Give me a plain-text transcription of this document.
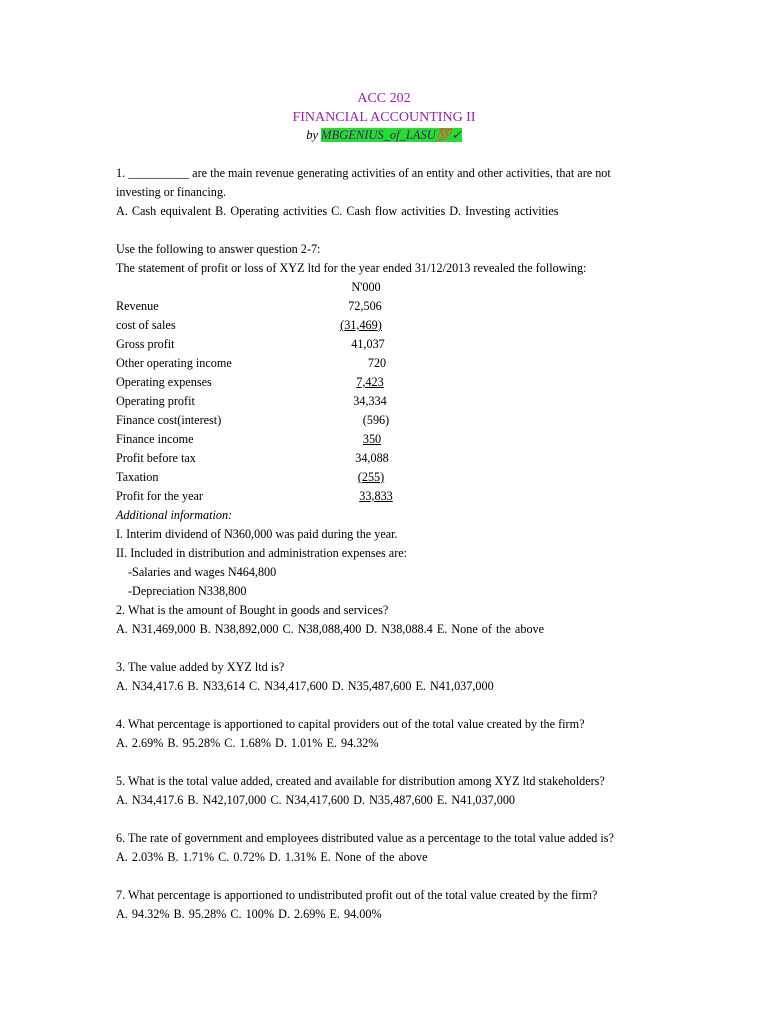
ACC 202
FINANCIAL ACCOUNTING II
by MBGENIUS_of_LASU💯✓
1. __________ are the main revenue generating activities of an entity and other activities, that are not
investing or financing.
A. Cash equivalent B. Operating activities C. Cash flow activities D. Investing activities
Use the following to answer question 2-7:
The statement of profit or loss of XYZ ltd for the year ended 31/12/2013 revealed the following:
N'000
Revenue	72,506
cost of sales	(31,469)
Gross profit	41,037
Other operating income	720
Operating expenses	7,423
Operating profit	34,334
Finance cost(interest)	(596)
Finance income	350
Profit before tax	34,088
Taxation	(255)
Profit for the year	33,833
Additional information:
I. Interim dividend of N360,000 was paid during the year.
II. Included in distribution and administration expenses are:
-Salaries and wages N464,800
-Depreciation N338,800
2. What is the amount of Bought in goods and services?
A. N31,469,000 B. N38,892,000 C. N38,088,400 D. N38,088.4 E. None of the above
3. The value added by XYZ ltd is?
A. N34,417.6 B. N33,614 C. N34,417,600 D. N35,487,600 E. N41,037,000
4. What percentage is apportioned to capital providers out of the total value created by the firm?
A. 2.69% B. 95.28% C. 1.68% D. 1.01% E. 94.32%
5. What is the total value added, created and available for distribution among XYZ ltd stakeholders?
A. N34,417.6 B. N42,107,000 C. N34,417,600 D. N35,487,600 E. N41,037,000
6. The rate of government and employees distributed value as a percentage to the total value added is?
A. 2.03% B. 1.71% C. 0.72% D. 1.31% E. None of the above
7. What percentage is apportioned to undistributed profit out of the total value created by the firm?
A. 94.32% B. 95.28% C. 100% D. 2.69% E. 94.00%
